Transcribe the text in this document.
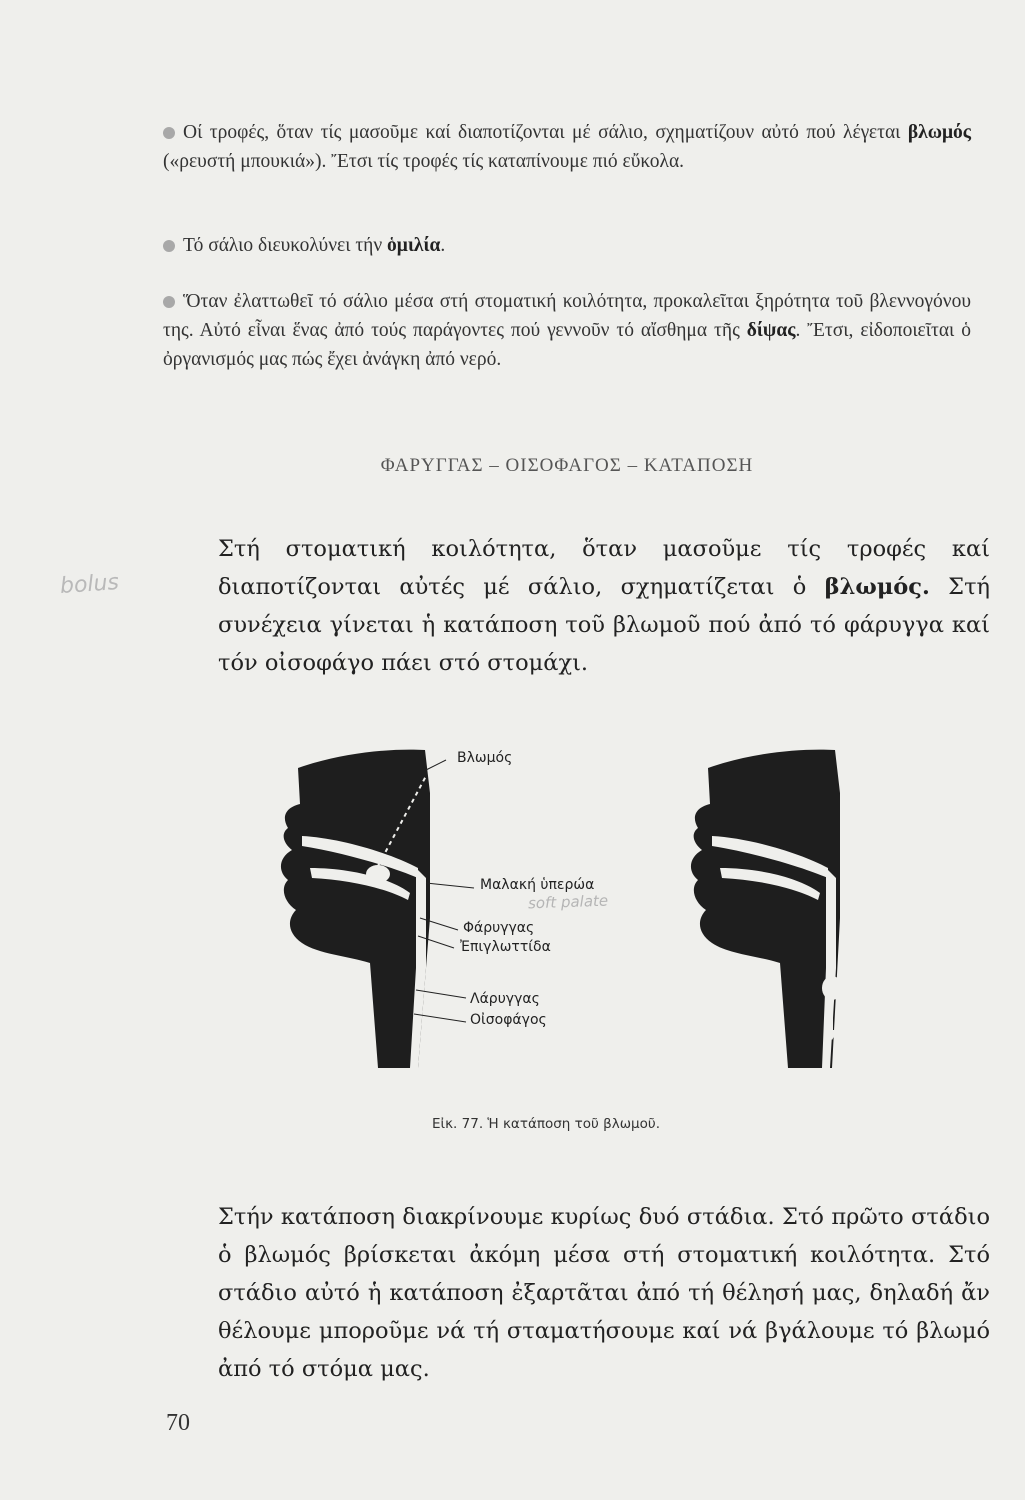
Οί τροφές, ὅταν τίς μασοῦμε καί διαποτίζονται μέ σάλιο, σχηματίζουν αὐτό πού λέγεται βλωμός («ρευστή μπουκιά»). Ἔτσι τίς τροφές τίς καταπίνουμε πιό εὔκολα.
Τό σάλιο διευκολύνει τήν ὁμιλία.
Ὅταν ἐλαττωθεῖ τό σάλιο μέσα στή στοματική κοιλότητα, προκαλεῖται ξηρότητα τοῦ βλεννογόνου της. Αὐτό εἶναι ἕνας ἀπό τούς παράγοντες πού γεννοῦν τό αἴσθημα τῆς δίψας. Ἔτσι, εἰδοποιεῖται ὁ ὀργανισμός μας πώς ἔχει ἀνάγκη ἀπό νερό.
ΦΑΡΥΓΓΑΣ – ΟΙΣΟΦΑΓΟΣ – ΚΑΤΑΠΟΣΗ
bolus
Στή στοματική κοιλότητα, ὅταν μασοῦμε τίς τροφές καί διαποτίζονται αὐτές μέ σάλιο, σχηματίζεται ὁ βλωμός. Στή συνέχεια γίνεται ἡ κατάποση τοῦ βλωμοῦ πού ἀπό τό φάρυγγα καί τόν οἰσοφάγο πάει στό στομάχι.
Βλωμός
Μαλακή ὑπερώα
soft palate
Φάρυγγας
Ἐπιγλωττίδα
Λάρυγγας
Οἰσοφάγος
Εἰκ. 77. Ἡ κατάποση τοῦ βλωμοῦ.
Στήν κατάποση διακρίνουμε κυρίως δυό στάδια. Στό πρῶτο στάδιο ὁ βλωμός βρίσκεται ἀκόμη μέσα στή στοματική κοιλότητα. Στό στάδιο αὐτό ἡ κατάποση ἐξαρτᾶται ἀπό τή θέλησή μας, δηλαδή ἄν θέλουμε μποροῦμε νά τή σταματήσουμε καί νά βγάλουμε τό βλωμό ἀπό τό στόμα μας.
70
